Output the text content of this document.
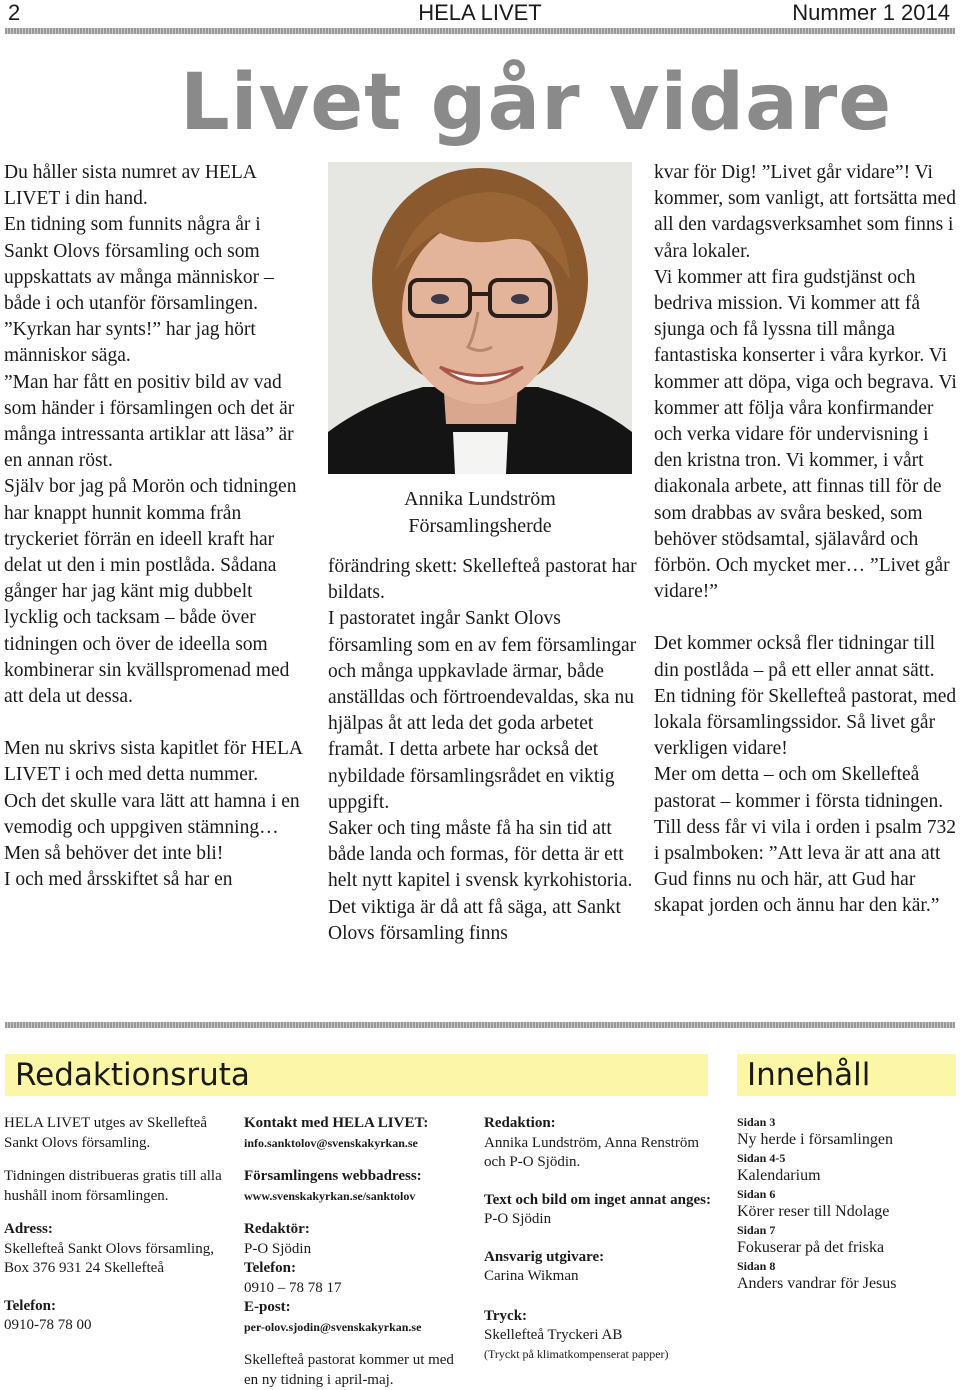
2	HELA LIVET	Nummer 1 2014
Livet går vidare

Du håller sista numret av HELA LIVET i din hand.

En tidning som funnits några år i Sankt Olovs församling och som uppskattats av många människor – både i och utanför församlingen.

”Kyrkan har synts!” har jag hört människor säga.

”Man har fått en positiv bild av vad som händer i församlingen och det är många intressanta artiklar att läsa” är en annan röst.

Själv bor jag på Morön och tidningen har knappt hunnit komma från tryckeriet förrän en ideell kraft har delat ut den i min postlåda. Sådana gånger har jag känt mig dubbelt lycklig och tacksam – både över tidningen och över de ideella som kombinerar sin kvällspromenad med att dela ut dessa.

Men nu skrivs sista kapitlet för HELA LIVET i och med detta nummer.

Och det skulle vara lätt att hamna i en vemodig och uppgiven stämning… Men så behöver det inte bli!

I och med årsskiftet så har en

Annika Lundström
Församlingsherde

förändring skett: Skellefteå pastorat har bildats.

I pastoratet ingår Sankt Olovs församling som en av fem församlingar och många uppkavlade ärmar, både anställdas och förtroendevaldas, ska nu hjälpas åt att leda det goda arbetet framåt. I detta arbete har också det nybildade församlingsrådet en viktig uppgift.

Saker och ting måste få ha sin tid att både landa och formas, för detta är ett helt nytt kapitel i svensk kyrkohistoria.

Det viktiga är då att få säga, att Sankt Olovs församling finns

kvar för Dig! ”Livet går vidare”! Vi kommer, som vanligt, att fortsätta med all den vardagsverksamhet som finns i våra lokaler.

Vi kommer att fira gudstjänst och bedriva mission. Vi kommer att få sjunga och få lyssna till många fantastiska konserter i våra kyrkor. Vi kommer att döpa, viga och begrava. Vi kommer att följa våra konfirmander och verka vidare för undervisning i den kristna tron. Vi kommer, i vårt diakonala arbete, att finnas till för de som drabbas av svåra besked, som behöver stödsamtal, själavård och förbön. Och mycket mer… ”Livet går vidare!”

Det kommer också fler tidningar till din postlåda – på ett eller annat sätt. En tidning för Skellefteå pastorat, med lokala församlingssidor. Så livet går verkligen vidare!

Mer om detta – och om Skellefteå pastorat – kommer i första tidningen.

Till dess får vi vila i orden i psalm 732 i psalmboken: ”Att leva är att ana att Gud finns nu och här, att Gud har skapat jorden och ännu har den kär.”

Redaktionsruta	Innehåll

HELA LIVET utges av Skellefteå Sankt Olovs församling.

Tidningen distribueras gratis till alla hushåll inom församlingen.

Adress:

Skellefteå Sankt Olovs församling, Box 376 931 24 Skellefteå

Telefon:

0910-78 78 00

Kontakt med HELA LIVET:

info.sanktolov@svenskakyrkan.se

Församlingens webbadress:

www.svenskakyrkan.se/sanktolov

Redaktör:

P-O Sjödin

Telefon:

0910 – 78 78 17

E-post:

per-olov.sjodin@svenskakyrkan.se

Skellefteå pastorat kommer ut med en ny tidning i april-maj.

Redaktion:

Annika Lundström, Anna Renström och P-O Sjödin.

Text och bild om inget annat anges:

P-O Sjödin

Ansvarig utgivare:

Carina Wikman

Tryck:

Skellefteå Tryckeri AB

(Tryckt på klimatkompenserat papper)

Sidan 3
Ny herde i församlingen
Sidan 4-5
Kalendarium
Sidan 6
Körer reser till Ndolage
Sidan 7
Fokuserar på det friska
Sidan 8
Anders vandrar för Jesus
